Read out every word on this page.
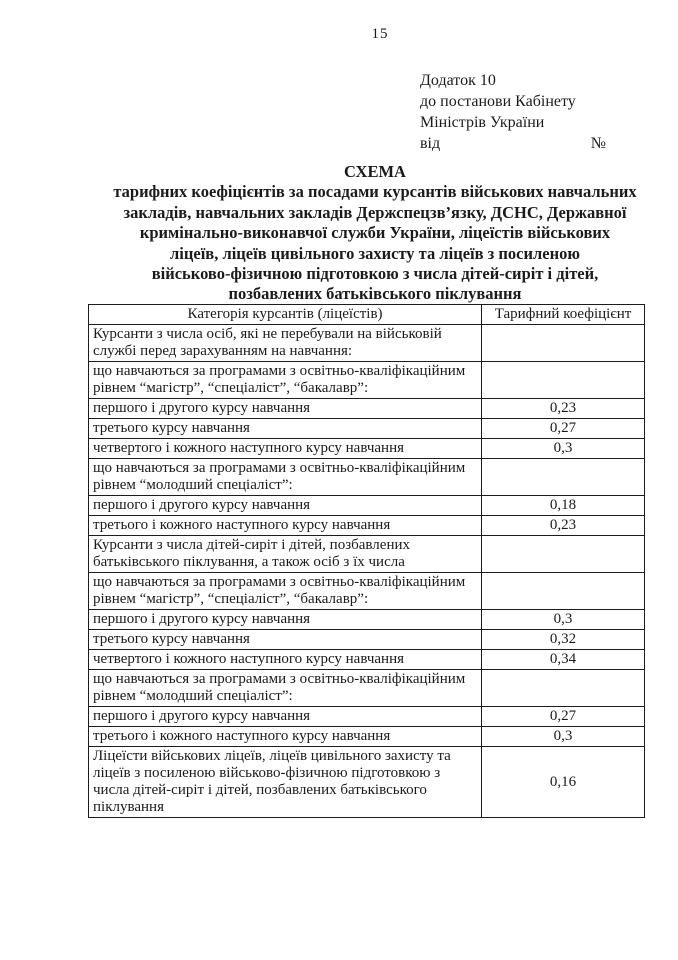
15
Додаток 10
до постанови Кабінету
Міністрів України
від	№
СХЕМА
тарифних коефіцієнтів за посадами курсантів військових навчальних
закладів, навчальних закладів Держспецзв’язку, ДСНС, Державної
кримінально-виконавчої служби України, ліцеїстів військових
ліцеїв, ліцеїв цивільного захисту та ліцеїв з посиленою
військово-фізичною підготовкою з числа дітей-сиріт і дітей,
позбавлених батьківського піклування
Категорія курсантів (ліцеїстів)	Тарифний коефіцієнт
Курсанти з числа осіб, які не перебували на військовій службі перед зарахуванням на навчання:	
що навчаються за програмами з освітньо-кваліфікаційним рівнем “магістр”, “спеціаліст”, “бакалавр”:	
першого і другого курсу навчання	0,23
третього курсу навчання	0,27
четвертого і кожного наступного курсу навчання	0,3
що навчаються за програмами з освітньо-кваліфікаційним рівнем “молодший спеціаліст”:	
першого і другого курсу навчання	0,18
третього і кожного наступного курсу навчання	0,23
Курсанти з числа дітей-сиріт і дітей, позбавлених батьківського піклування, а також осіб з їх числа	
що навчаються за програмами з освітньо-кваліфікаційним рівнем “магістр”, “спеціаліст”, “бакалавр”:	
першого і другого курсу навчання	0,3
третього курсу навчання	0,32
четвертого і кожного наступного курсу навчання	0,34
що навчаються за програмами з освітньо-кваліфікаційним рівнем “молодший спеціаліст”:	
першого і другого курсу навчання	0,27
третього і кожного наступного курсу навчання	0,3
Ліцеїсти військових ліцеїв, ліцеїв цивільного захисту та ліцеїв з посиленою військово-фізичною підготовкою з числа дітей-сиріт і дітей, позбавлених батьківського піклування	0,16
